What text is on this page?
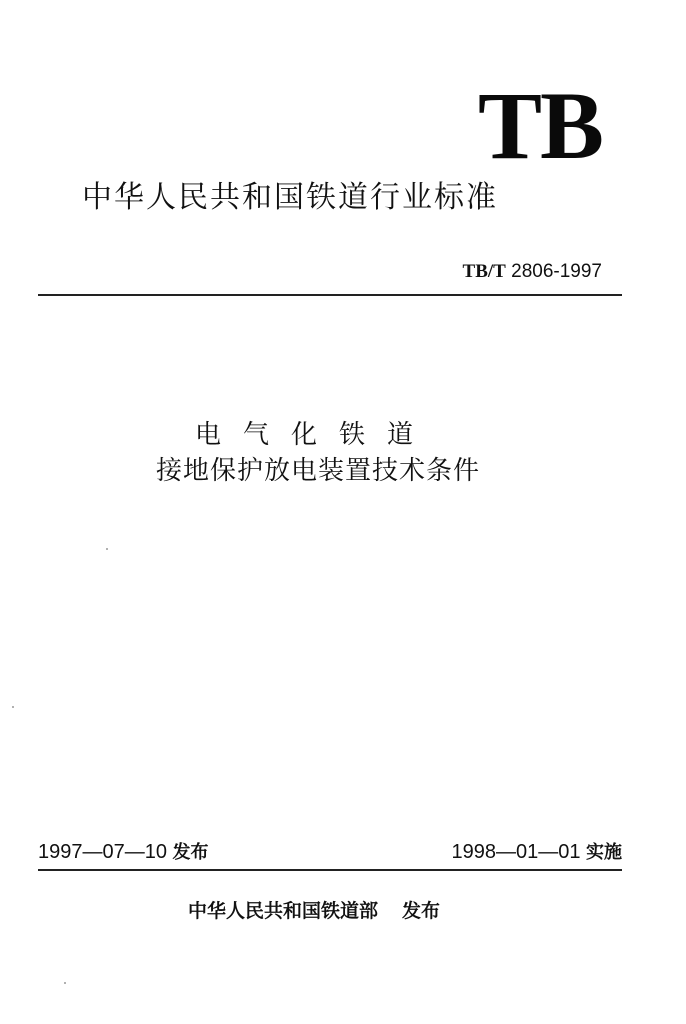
TB
中华人民共和国铁道行业标准
TB/T 2806-1997
电气化铁道
接地保护放电装置技术条件
1997—07—10 发布	1998—01—01 实施
中华人民共和国铁道部 发布
